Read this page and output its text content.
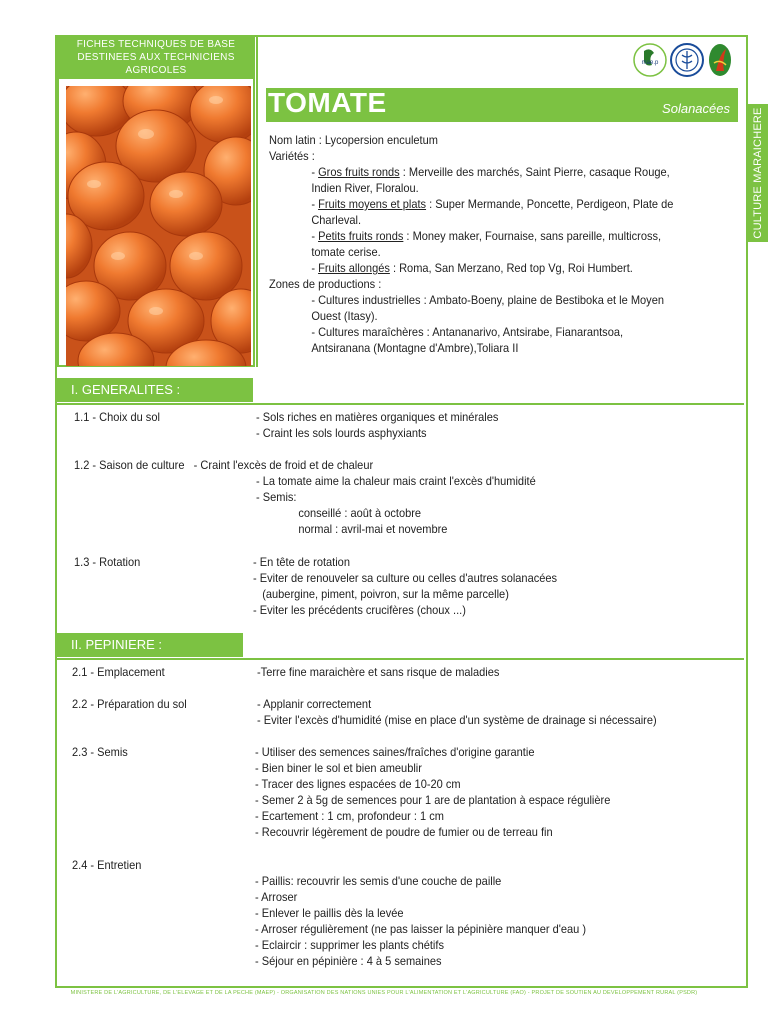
FICHES TECHNIQUES DE BASE
DESTINEES AUX TECHNICIENS
AGRICOLES
mae.p
TOMATE	Solanacées CULTURE MARAICHERE
Nom latin : Lycopersion enculetum
Variétés :
- Gros fruits ronds : Merveille des marchés, Saint Pierre, casaque Rouge,
Indien River, Floralou.
- Fruits moyens et plats : Super Mermande, Poncette, Perdigeon, Plate de
Charleval.
- Petits fruits ronds : Money maker, Fournaise, sans pareille, multicross,
tomate cerise.
- Fruits allongés : Roma, San Merzano, Red top Vg, Roi Humbert.
Zones de productions :
- Cultures industrielles : Ambato-Boeny, plaine de Bestiboka et le Moyen
Ouest (Itasy).
- Cultures maraîchères : Antananarivo, Antsirabe, Fianarantsoa,
Antsiranana (Montagne d'Ambre),Toliara II
I. GENERALITES :
1.1 - Choix du sol	- Sols riches en matières organiques et minérales
- Craint les sols lourds asphyxiants
1.2 - Saison de culture - Craint l'excès de froid et de chaleur
- La tomate aime la chaleur mais craint l'excès d'humidité
- Semis:
conseillé : août à octobre
normal : avril-mai et novembre
1.3 - Rotation	- En tête de rotation
- Eviter de renouveler sa culture ou celles d'autres solanacées
(aubergine, piment, poivron, sur la même parcelle)
- Eviter les précédents crucifères (choux ...)
II. PEPINIERE :
2.1 - Emplacement	-Terre fine maraichère et sans risque de maladies
2.2 - Préparation du sol	- Applanir correctement
- Eviter l'excès d'humidité (mise en place d'un système de drainage si nécessaire)
2.3 - Semis	- Utiliser des semences saines/fraîches d'origine garantie
- Bien biner le sol et bien ameublir
- Tracer des lignes espacées de 10-20 cm
- Semer 2 à 5g de semences pour 1 are de plantation à espace régulière
- Ecartement : 1 cm, profondeur : 1 cm
- Recouvrir légèrement de poudre de fumier ou de terreau fin
2.4 - Entretien
- Paillis: recouvrir les semis d'une couche de paille
- Arroser
- Enlever le paillis dès la levée
- Arroser régulièrement (ne pas laisser la pépinière manquer d'eau )
- Eclaircir : supprimer les plants chétifs
- Séjour en pépinière : 4 à 5 semaines
MINISTERE DE L'AGRICULTURE, DE L'ELEVAGE ET DE LA PECHE (MAEP) - ORGANISATION DES NATIONS UNIES POUR L'ALIMENTATION ET L'AGRICULTURE (FAO) - PROJET DE SOUTIEN AU DEVELOPPEMENT RURAL (PSDR)
